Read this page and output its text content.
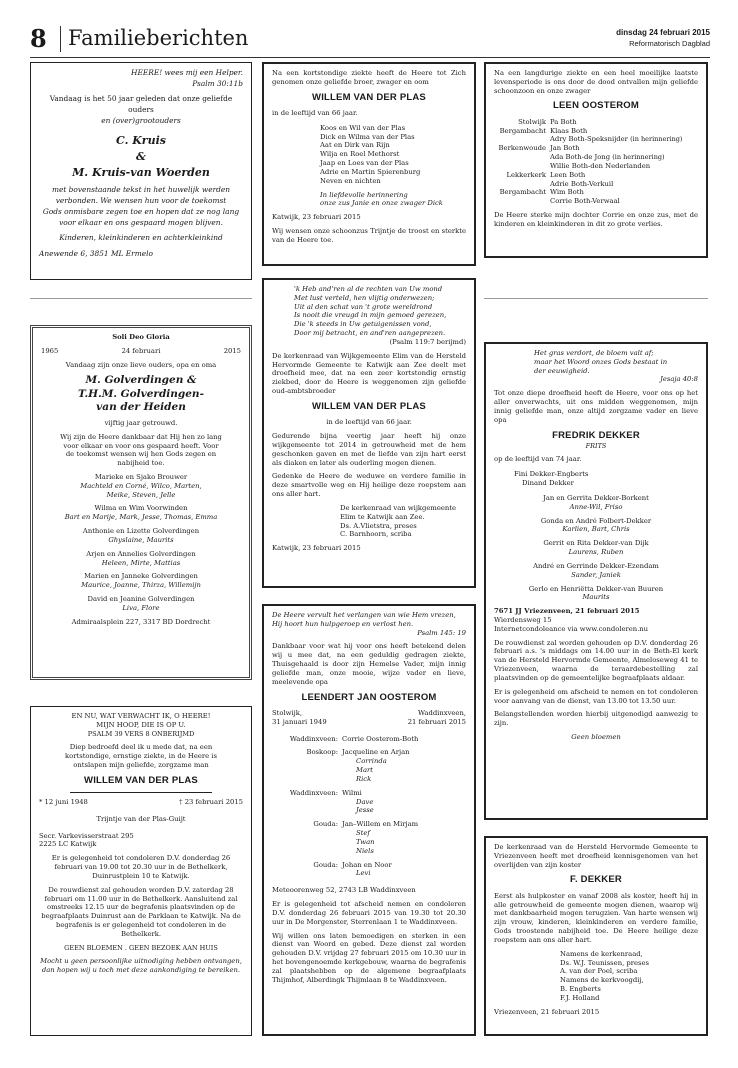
8	Familieberichten	dinsdag 24 februari 2015
Reformatorisch Dagblad
HEERE! wees mij een Helper.
Psalm 30:11b
Vandaag is het 50 jaar geleden dat onze geliefde ouders
en (over)grootouders
C. Kruis
&
M. Kruis-van Woerden
met bovenstaande tekst in het huwelijk werden
verbonden. We wensen hun voor de toekomst
Gods onmisbare zegen toe en hopen dat ze nog lang
voor elkaar en ons gespaard mogen blijven.
Kinderen, kleinkinderen en achterkleinkind
Anewende 6, 3851 ML Ermelo
Soli Deo Gloria
1965	24 februari	2015
Vandaag zijn onze lieve ouders, opa en oma
M. Golverdingen &
T.H.M. Golverdingen-
van der Heiden
vijftig jaar getrouwd.
Wij zijn de Heere dankbaar dat Hij hen zo lang
voor elkaar en voor ons gespaard heeft. Voor
de toekomst wensen wij hen Gods zegen en
nabijheid toe.
Marieke en Sjako Brouwer
Machteld en Corné, Wilco, Marten,
Meike, Steven, Jelle
Wilma en Wim Voorwinden
Bart en Marije, Mark, Jesse, Thomas, Emma
Anthonie en Lizette Golverdingen
Ghyslaine, Maurits
Arjen en Annelies Golverdingen
Heleen, Mirte, Mattias
Marien en Janneke Golverdingen
Maurice, Joanne, Thirza, Willemijn
David en Jeanine Golverdingen
Liva, Flore
Admiraalsplein 227, 3317 BD Dordrecht
EN NU, WAT VERWACHT IK, O HEERE!
MIJN HOOP, DIE IS OP U.
PSALM 39 VERS 8 ONBERIJMD
Diep bedroefd deel ik u mede dat, na een
kortstondige, ernstige ziekte, in de Heere is
ontslapen mijn geliefde, zorgzame man
WILLEM VAN DER PLAS
* 12 juni 1948	† 23 februari 2015
Trijntje van der Plas-Guijt
Secr. Varkevisserstraat 295
2225 LC Katwijk
Er is gelegenheid tot condoleren D.V. donderdag 26 februari van 19.00 tot 20.30 uur in de Bethelkerk, Duinrustplein 10 te Katwijk.
De rouwdienst zal gehouden worden D.V. zaterdag 28 februari om 11.00 uur in de Bethelkerk. Aansluitend zal omstreeks 12.15 uur de begrafenis plaatsvinden op de begraafplaats Duinrust aan de Parklaan te Katwijk. Na de begrafenis is er gelegenheid tot condoleren in de Bethelkerk.
GEEN BLOEMEN . GEEN BEZOEK AAN HUIS
Mocht u geen persoonlijke uitnodiging hebben ontvangen, dan hopen wij u toch met deze aankondiging te bereiken.
Na een kortstondige ziekte heeft de Heere tot Zich genomen onze geliefde broer, zwager en oom
WILLEM VAN DER PLAS
in de leeftijd van 66 jaar.
Koos en Wil van der Plas
Dick en Wilma van der Plas
Aat en Dirk van Rijn
Wilja en Roel Methorst
Jaap en Loes van der Plas
Adrie en Martin Spierenburg
Neven en nichten
In liefdevolle herinnering
onze zus Janie en onze zwager Dick
Katwijk, 23 februari 2015
Wij wensen onze schoonzus Trijntje de troost en sterkte van de Heere toe.
'k Heb and'ren al de rechten van Uw mond
Met lust verteld, hen vlijtig onderwezen;
Uit al den schat van 't grote wereldrond
Is nooit die vreugd in mijn gemoed gerezen,
Die 'k steeds in Uw getuigenissen vond,
Door mij betracht, en and'ren aangeprezen.
(Psalm 119:7 berijmd)
De kerkenraad van Wijkgemeente Elim van de Hersteld Hervormde Gemeente te Katwijk aan Zee deelt met droefheid mee, dat na een zeer kortstondig ernstig ziekbed, door de Heere is weggenomen zijn geliefde oud-ambtsbroeder
WILLEM VAN DER PLAS
in de leeftijd van 66 jaar.
Gedurende bijna veertig jaar heeft hij onze wijkgemeente tot 2014 in getrouwheid met de hem geschonken gaven en met de liefde van zijn hart eerst als diaken en later als ouderling mogen dienen.
Gedenke de Heere de weduwe en verdere familie in deze smartvolle weg en Hij heilige deze roepstem aan ons aller hart.
De kerkenraad van wijkgemeente
Elim te Katwijk aan Zee.
Ds. A.Vlietstra, preses
C. Barnhoorn, scriba
Katwijk, 23 februari 2015
De Heere vervult het verlangen van wie Hem vrezen,
Hij hoort hun hulpgeroep en verlost hen.
Psalm 145: 19
Dankbaar voor wat hij voor ons heeft betekend delen wij u mee dat, na een geduldig gedragen ziekte, Thuisgehaald is door zijn Hemelse Vader, mijn innig geliefde man, onze mooie, wijze vader en lieve, meelevende opa
LEENDERT JAN OOSTEROM
Stolwijk,
31 januari 1949
Waddinxveen,
21 februari 2015
Waddinxveen: Corrie Oosterom-Both
Boskoop: Jacqueline en Arjan
Corrinda
Mart
Rick
Waddinxveen: Wilmi
Dave
Jesse
Gouda: Jan–Willem en Mirjam
Stef
Twan
Niels
Gouda: Johan en Noor
Levi
Meteoorenweg 52, 2743 LB Waddinxveen
Er is gelegenheid tot afscheid nemen en condoleren D.V. donderdag 26 februari 2015 van 19.30 tot 20.30 uur in De Morgenster, Sterrenlaan 1 te Waddinxveen.
Wij willen ons laten bemoedigen en sterken in een dienst van Woord en gebed. Deze dienst zal worden gehouden D.V. vrijdag 27 februari 2015 om 10.30 uur in het bovengenoemde kerkgebouw, waarna de begrafenis zal plaatshebben op de algemene begraafplaats Thijmhof, Alberdingk Thijmlaan 8 te Waddinxveen.
Na een langdurige ziekte en een heel moeilijke laatste levensperiode is ons door de dood ontvallen mijn geliefde schoonzoon en onze zwager
LEEN OOSTEROM
Stolwijk Pa Both
Bergambacht Klaas Both
Adry Both-Speksnijder (in herinnering)
Berkenwoude Jan Both
Ada Both-de Jong (in herinnering)
Willie Both-den Nederlanden
Lekkerkerk Leen Both
Adrie Both-Verkuil
Bergambacht Wim Both
Corrie Both-Verwaal
De Heere sterke mijn dochter Corrie en onze zus, met de kinderen en kleinkinderen in dit zo grote verlies.
Het gras verdort, de bloem valt af;
maar het Woord onzes Gods bestaat in
der eeuwigheid.
Jesaja 40:8
Tot onze diepe droefheid heeft de Heere, voor ons op het aller onverwachts, uit ons midden weggenomen, mijn innig geliefde man, onze altijd zorgzame vader en lieve opa
FREDRIK DEKKER
FRITS
op de leeftijd van 74 jaar.
Fini Dekker-Engberts
Dinand Dekker
Jan en Gerrita Dekker-Borkent
Anne-Wil, Friso
Gonda en André Folbert-Dekker
Karlien, Bart, Chris
Gerrit en Rita Dekker-van Dijk
Laurens, Ruben
André en Gerrinde Dekker-Ezendam
Sander, Janiek
Gerlo en Henriëtta Dekker-van Buuren
Maurits
7671 JJ Vriezenveen, 21 februari 2015
Wierdensweg 15
Internetcondoleance via www.condoleren.nu
De rouwdienst zal worden gehouden op D.V. donderdag 26 februari a.s. 's middags om 14.00 uur in de Beth-El kerk van de Hersteld Hervormde Gemeente, Almeloseweg 41 te Vriezenveen, waarna de teraardebestelling zal plaatsvinden op de gemeentelijke begraafplaats aldaar.
Er is gelegenheid om afscheid te nemen en tot condoleren voor aanvang van de dienst, van 13.00 tot 13.50 uur.
Belangstellenden worden hierbij uitgenodigd aanwezig te zijn.
Geen bloemen
De kerkenraad van de Hersteld Hervormde Gemeente te Vriezenveen heeft met droefheid kennisgenomen van het overlijden van zijn koster
F. DEKKER
Eerst als hulpkoster en vanaf 2008 als koster, heeft hij in alle getrouwheid de gemeente mogen dienen, waarop wij met dankbaarheid mogen terugzien. Van harte wensen wij zijn vrouw, kinderen, kleinkinderen en verdere familie, Gods troostende nabijheid toe. De Heere heilige deze roepstem aan ons aller hart.
Namens de kerkenraad,
Ds. W.J. Teunissen, preses
A. van der Poel, scriba
Namens de kerkvoogdij,
B. Engberts
F.J. Holland
Vriezenveen, 21 februari 2015
